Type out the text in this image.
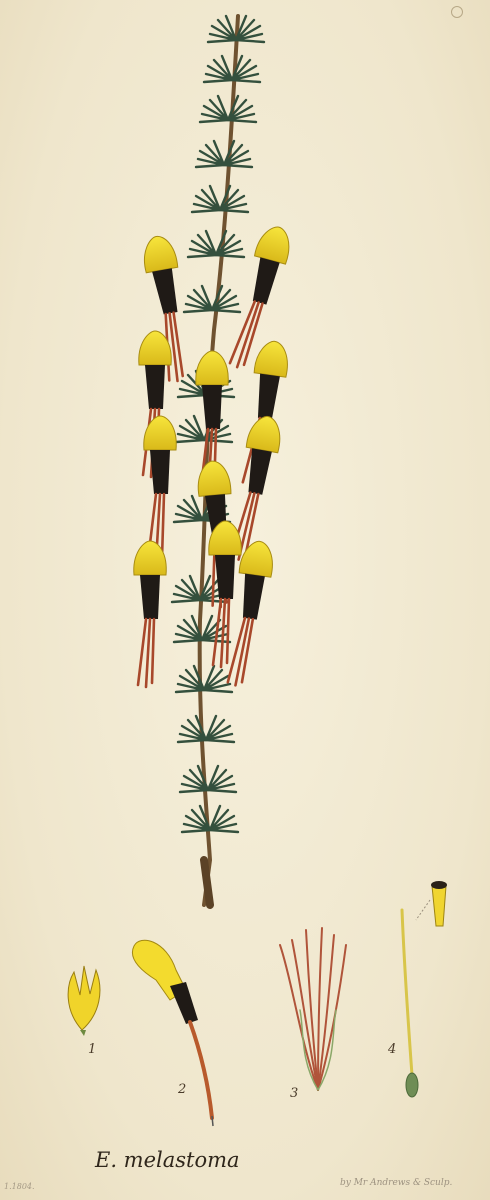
1
2	3
4
E. melastoma
by Mr Andrews & Sculp.
1.1804.
